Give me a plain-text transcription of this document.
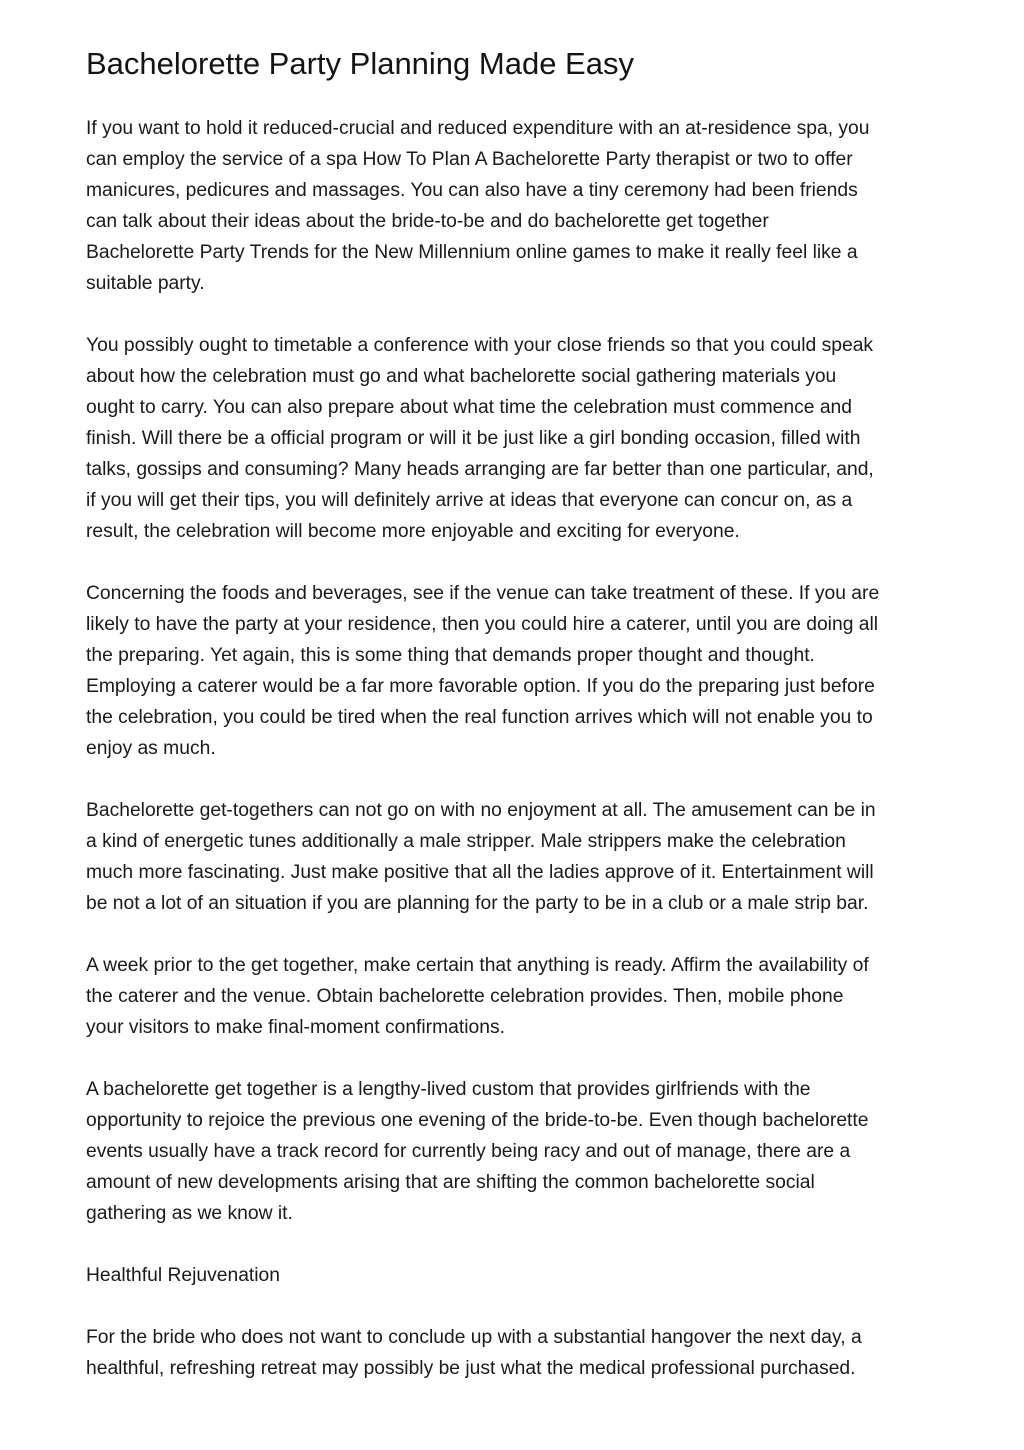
Bachelorette Party Planning Made Easy

If you want to hold it reduced-crucial and reduced expenditure with an at-residence spa, you
can employ the service of a spa How To Plan A Bachelorette Party therapist or two to offer
manicures, pedicures and massages. You can also have a tiny ceremony had been friends
can talk about their ideas about the bride-to-be and do bachelorette get together
Bachelorette Party Trends for the New Millennium online games to make it really feel like a
suitable party.

You possibly ought to timetable a conference with your close friends so that you could speak
about how the celebration must go and what bachelorette social gathering materials you
ought to carry. You can also prepare about what time the celebration must commence and
finish. Will there be a official program or will it be just like a girl bonding occasion, filled with
talks, gossips and consuming? Many heads arranging are far better than one particular, and,
if you will get their tips, you will definitely arrive at ideas that everyone can concur on, as a
result, the celebration will become more enjoyable and exciting for everyone.

Concerning the foods and beverages, see if the venue can take treatment of these. If you are
likely to have the party at your residence, then you could hire a caterer, until you are doing all
the preparing. Yet again, this is some thing that demands proper thought and thought.
Employing a caterer would be a far more favorable option. If you do the preparing just before
the celebration, you could be tired when the real function arrives which will not enable you to
enjoy as much.

Bachelorette get-togethers can not go on with no enjoyment at all. The amusement can be in
a kind of energetic tunes additionally a male stripper. Male strippers make the celebration
much more fascinating. Just make positive that all the ladies approve of it. Entertainment will
be not a lot of an situation if you are planning for the party to be in a club or a male strip bar.

A week prior to the get together, make certain that anything is ready. Affirm the availability of
the caterer and the venue. Obtain bachelorette celebration provides. Then, mobile phone
your visitors to make final-moment confirmations.

A bachelorette get together is a lengthy-lived custom that provides girlfriends with the
opportunity to rejoice the previous one evening of the bride-to-be. Even though bachelorette
events usually have a track record for currently being racy and out of manage, there are a
amount of new developments arising that are shifting the common bachelorette social
gathering as we know it.

Healthful Rejuvenation

For the bride who does not want to conclude up with a substantial hangover the next day, a
healthful, refreshing retreat may possibly be just what the medical professional purchased.
